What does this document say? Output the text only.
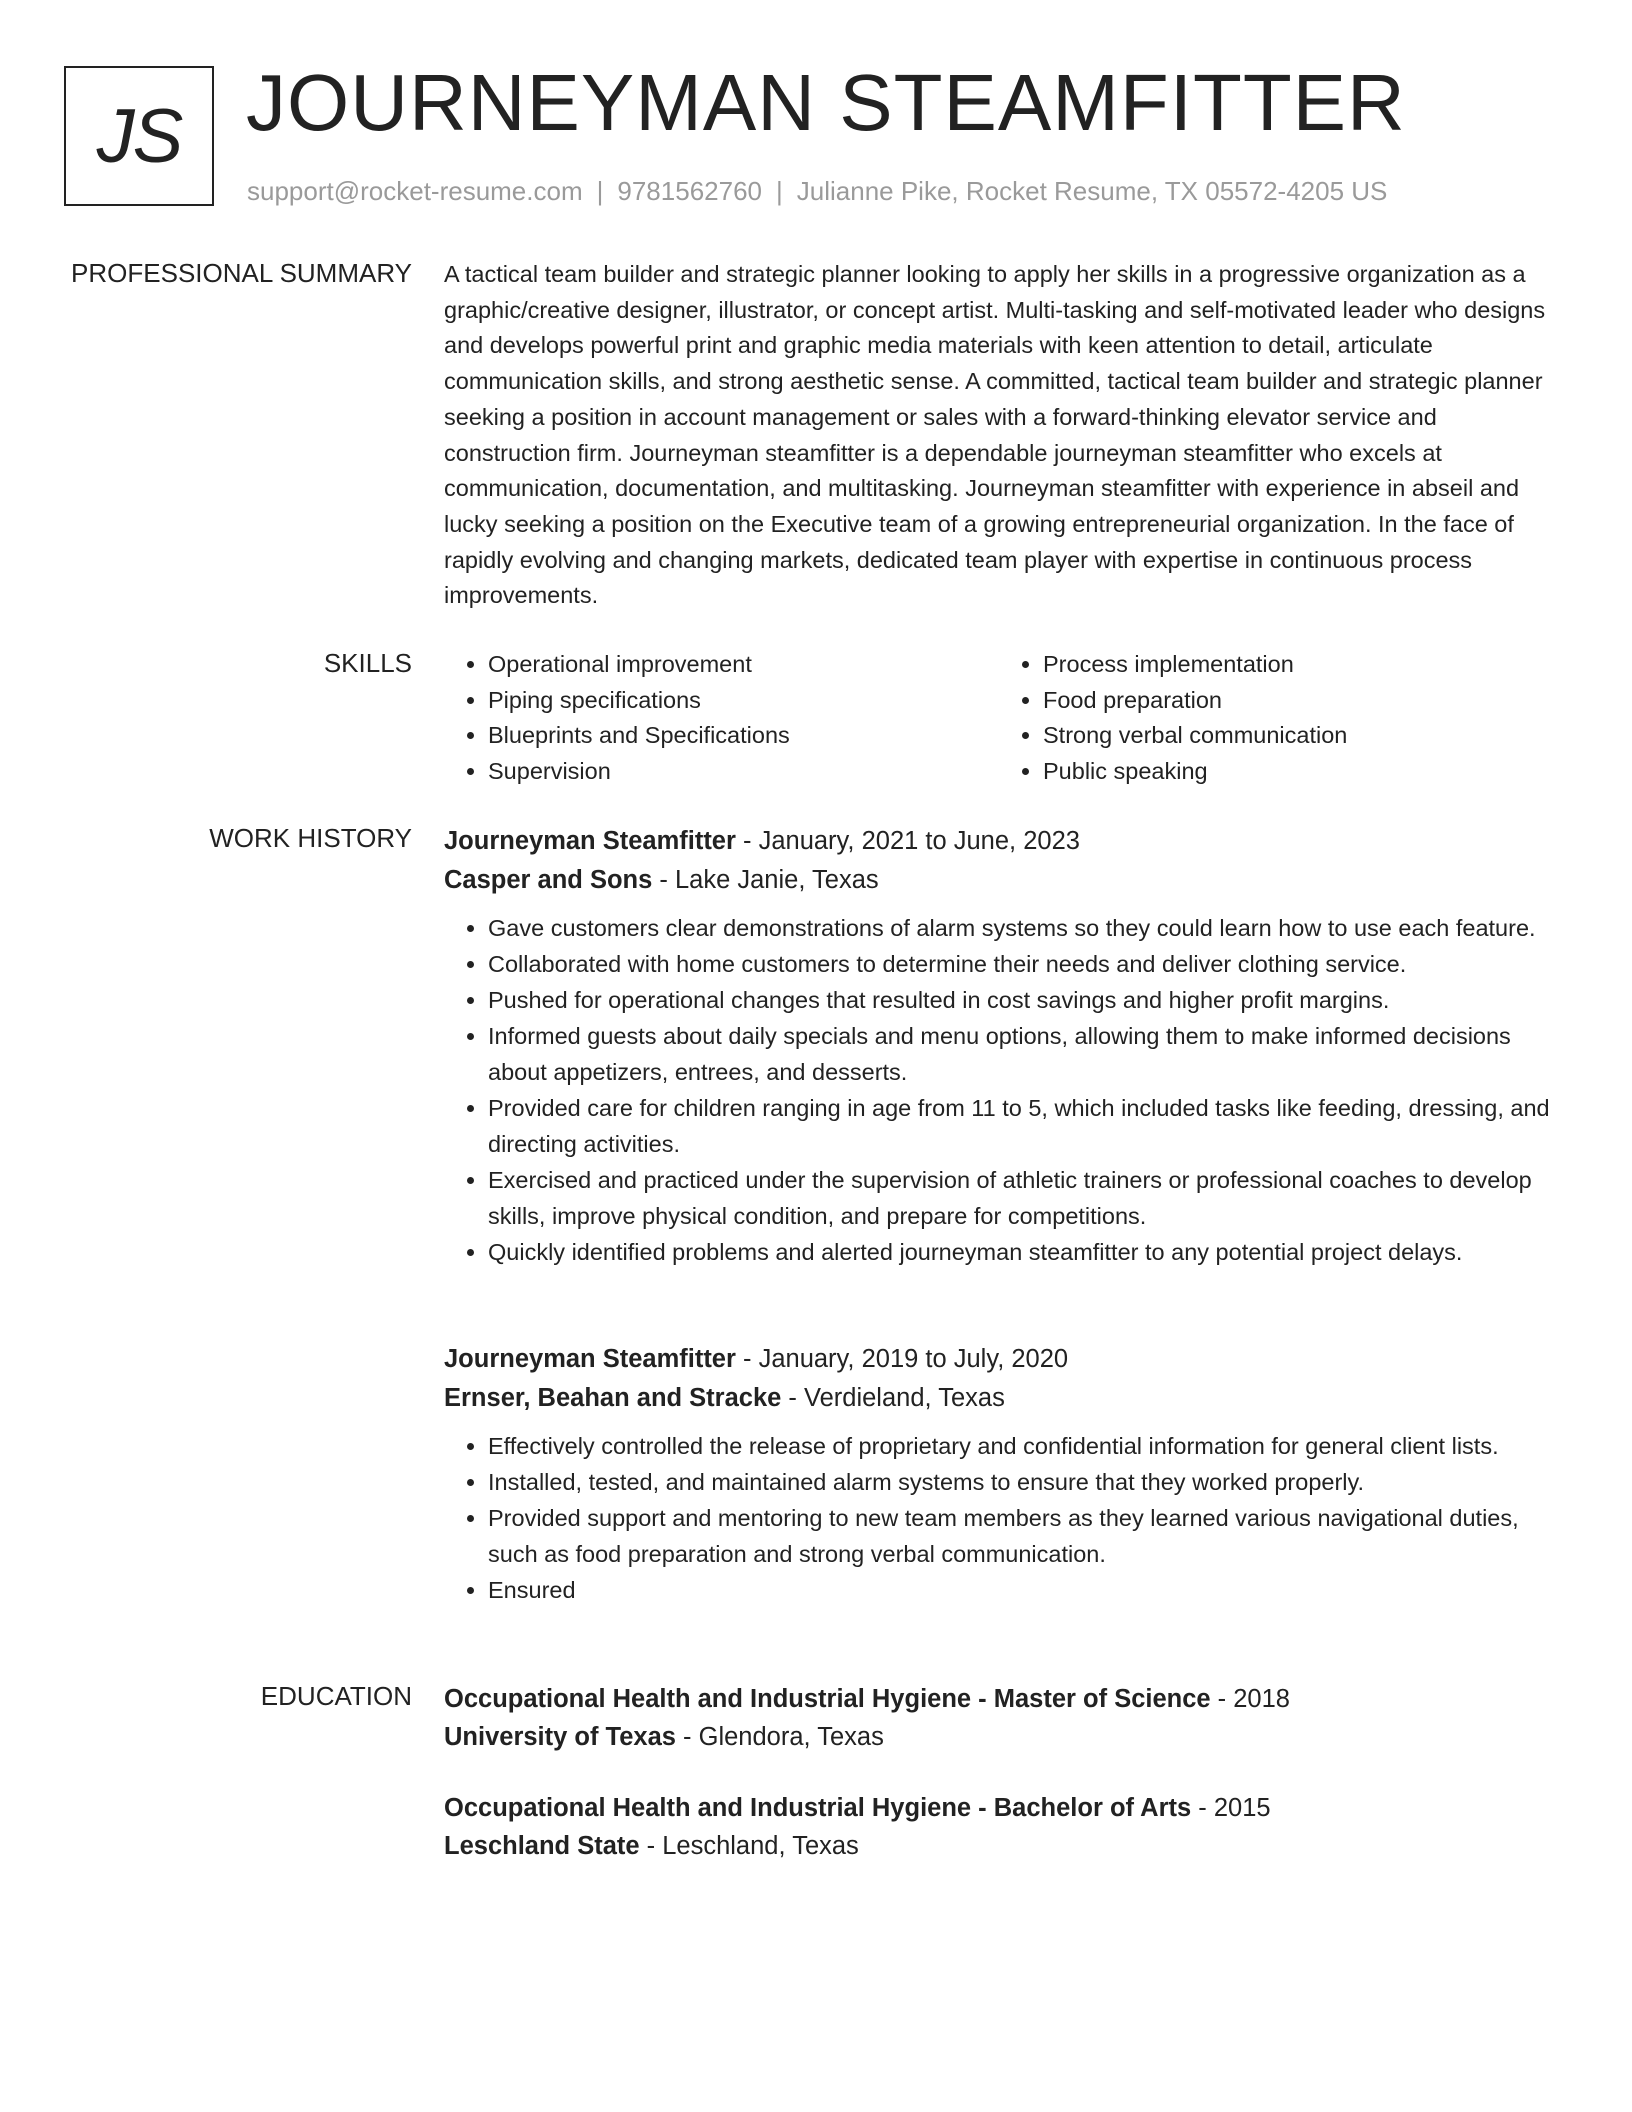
JS JOURNEYMAN STEAMFITTER
support@rocket-resume.com | 9781562760 | Julianne Pike, Rocket Resume, TX 05572-4205 US
PROFESSIONAL SUMMARY A tactical team builder and strategic planner looking to apply her skills in a progressive organization as a graphic/creative designer, illustrator, or concept artist. Multi-tasking and self-motivated leader who designs and develops powerful print and graphic media materials with keen attention to detail, articulate communication skills, and strong aesthetic sense. A committed, tactical team builder and strategic planner seeking a position in account management or sales with a forward-thinking elevator service and construction firm. Journeyman steamfitter is a dependable journeyman steamfitter who excels at communication, documentation, and multitasking. Journeyman steamfitter with experience in abseil and lucky seeking a position on the Executive team of a growing entrepreneurial organization. In the face of rapidly evolving and changing markets, dedicated team player with expertise in continuous process improvements.
SKILLS
•	Operational improvement
• Piping specifications
• Blueprints and Specifications
• Supervision
• Process implementation
• Food preparation
• Strong verbal communication
• Public speaking
WORK HISTORY Journeyman Steamfitter - January, 2021 to June, 2023
Casper and Sons - Lake Janie, Texas
• Gave customers clear demonstrations of alarm systems so they could learn how to use each feature.
• Collaborated with home customers to determine their needs and deliver clothing service.
• Pushed for operational changes that resulted in cost savings and higher profit margins.
• Informed guests about daily specials and menu options, allowing them to make informed decisions about appetizers, entrees, and desserts.
• Provided care for children ranging in age from 11 to 5, which included tasks like feeding, dressing, and directing activities.
• Exercised and practiced under the supervision of athletic trainers or professional coaches to develop skills, improve physical condition, and prepare for competitions.
• Quickly identified problems and alerted journeyman steamfitter to any potential project delays.
Journeyman Steamfitter - January, 2019 to July, 2020
Ernser, Beahan and Stracke - Verdieland, Texas
• Effectively controlled the release of proprietary and confidential information for general client lists.
• Installed, tested, and maintained alarm systems to ensure that they worked properly.
• Provided support and mentoring to new team members as they learned various navigational duties, such as food preparation and strong verbal communication.
• Ensured
EDUCATION Occupational Health and Industrial Hygiene - Master of Science - 2018
University of Texas - Glendora, Texas
Occupational Health and Industrial Hygiene - Bachelor of Arts - 2015
Leschland State - Leschland, Texas
